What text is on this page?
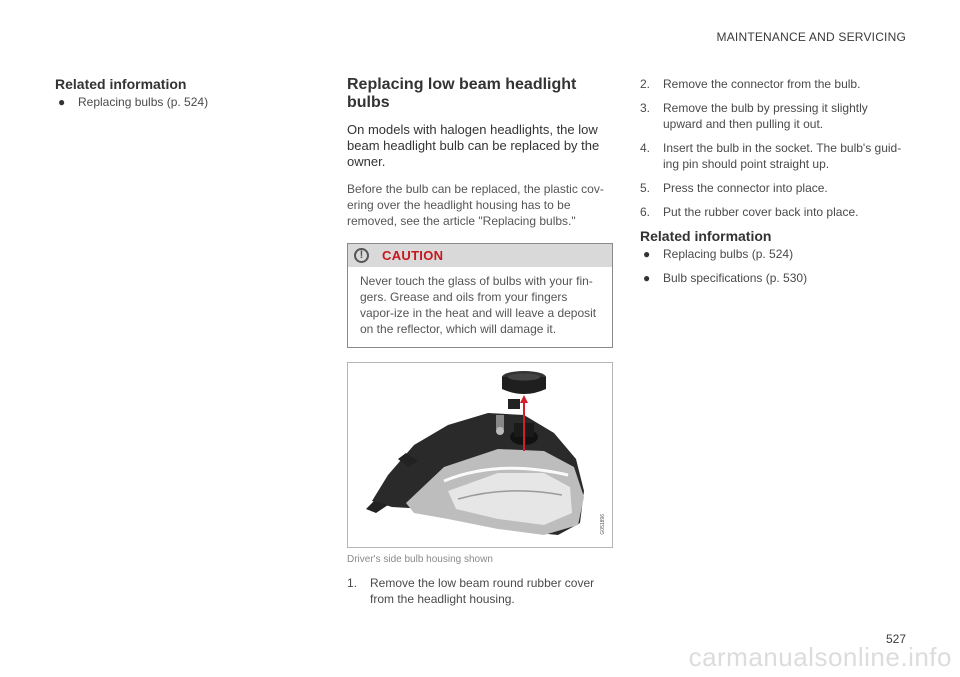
MAINTENANCE AND SERVICING
Related information
● Replacing bulbs (p. 524)
Replacing low beam headlight bulbs

On models with halogen headlights, the low beam headlight bulb can be replaced by the owner.

Before the bulb can be replaced, the plastic cov-ering over the headlight housing has to be removed, see the article "Replacing bulbs."

!	CAUTION
Never touch the glass of bulbs with your fin-gers. Grease and oils from your fingers vapor-ize in the heat and will leave a deposit on the reflector, which will damage it.
G051896
Driver's side bulb housing shown
1. Remove the low beam round rubber cover from the headlight housing.
2. Remove the connector from the bulb.
3. Remove the bulb by pressing it slightly upward and then pulling it out.
4. Insert the bulb in the socket. The bulb's guid-ing pin should point straight up.
5. Press the connector into place.
6. Put the rubber cover back into place.
Related information
● Replacing bulbs (p. 524)
● Bulb specifications (p. 530)
527
carmanualsonline.info
